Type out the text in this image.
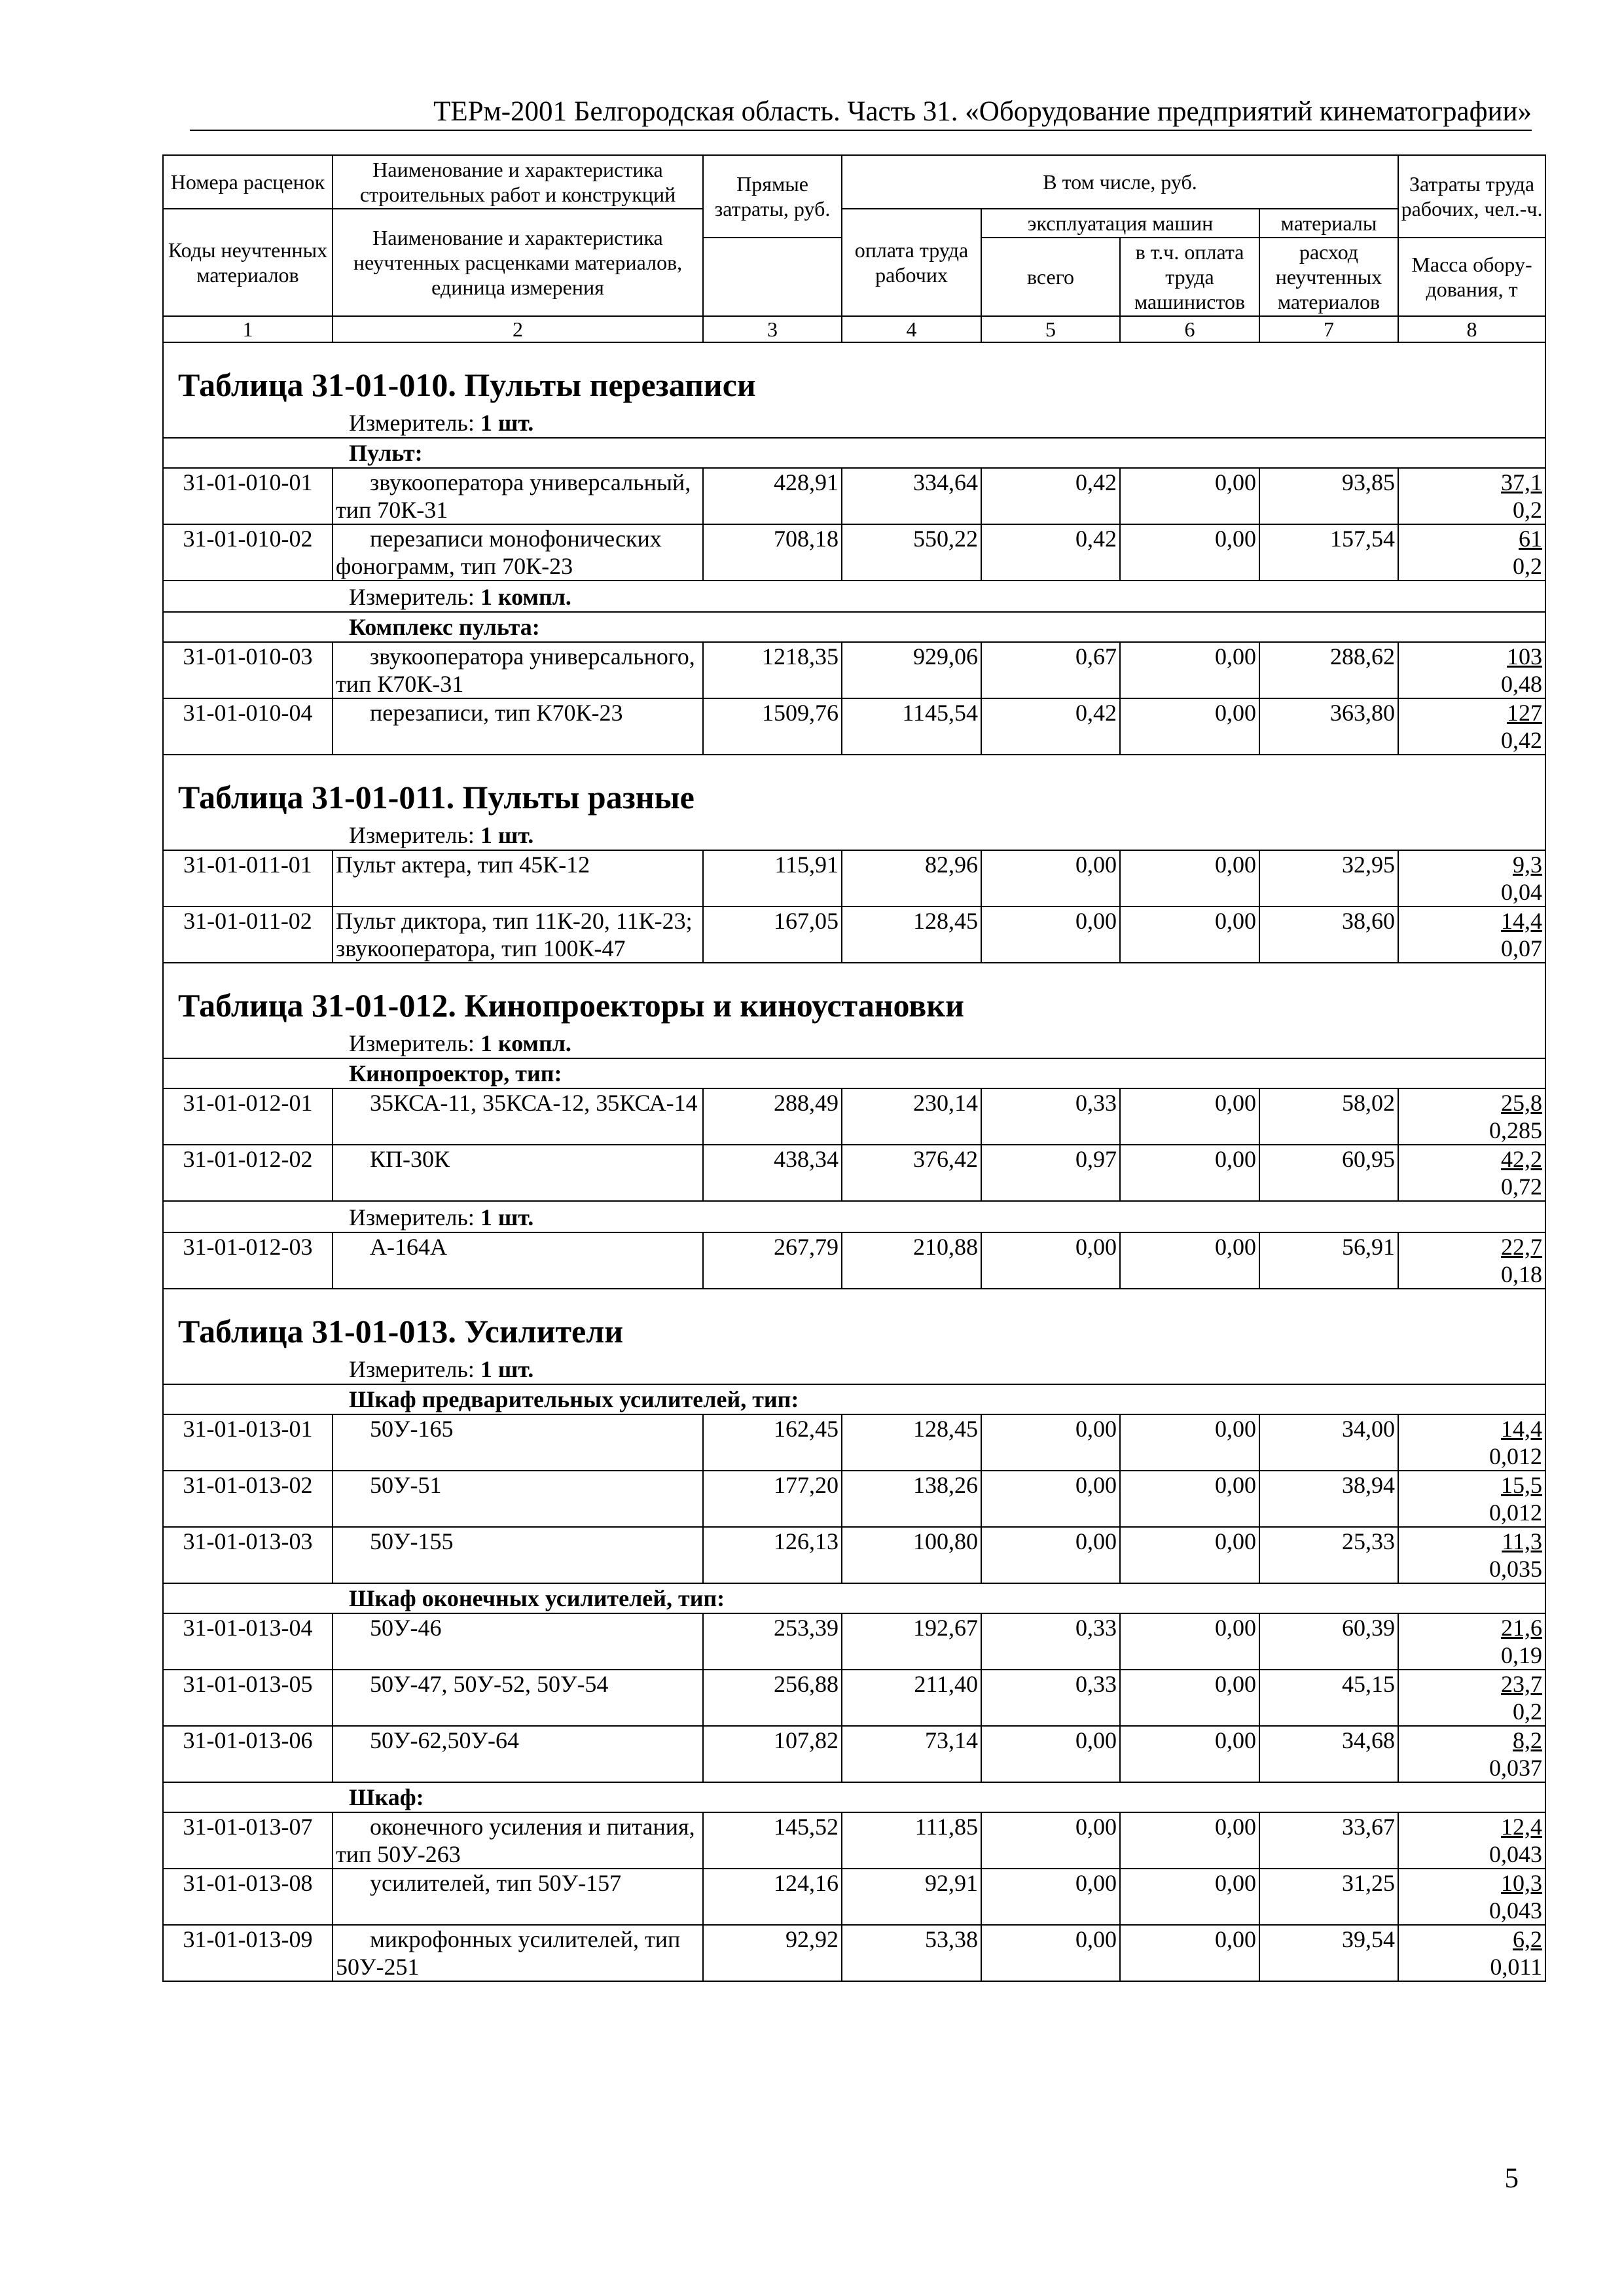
ТЕРм-2001 Белгородская область. Часть 31. «Оборудование предприятий кинематографии»
Номера расценок	Наименование и характеристика строительных работ и конструкций	Прямые затраты, руб.	В том числе, руб.				Затраты труда рабочих, чел.-ч.
Коды неучтенных материалов	Наименование и характеристика неучтенных расценками материалов, единица измерения		оплата труда рабочих	эксплуатация машин		материалы	
				всего	в т.ч. оплата труда машинистов	расход неучтенных материалов	
							Масса обору-дования, т
1	2	3	4	5	6	7	8

Таблица 31-01-010. Пульты перезаписи							
Измеритель: 1 шт.							
Пульт:							
31-01-010-01	звукооператора универсальный, тип 70К-31	428,91	334,64	0,42	0,00	93,85	37,1
0,2

31-01-010-02	перезаписи монофонических фонограмм, тип 70К-23	708,18	550,22	0,42	0,00	157,54	61
0,2

Измеритель: 1 компл.							
Комплекс пульта:							
31-01-010-03	звукооператора универсального, тип К70К-31	1218,35	929,06	0,67	0,00	288,62	103
0,48

31-01-010-04	перезаписи, тип К70К-23	1509,76	1145,54	0,42	0,00	363,80	127
0,42

Таблица 31-01-011. Пульты разные							
Измеритель: 1 шт.							
31-01-011-01	Пульт актера, тип 45К-12	115,91	82,96	0,00	0,00	32,95	9,3
0,04

31-01-011-02	Пульт диктора, тип 11К-20, 11К-23; звукооператора, тип 100К-47	167,05	128,45	0,00	0,00	38,60	14,4
0,07

Таблица 31-01-012. Кинопроекторы и киноустановки							
Измеритель: 1 компл.							
Кинопроектор, тип:							
31-01-012-01	35КСА-11, 35КСА-12, 35КСА-14	288,49	230,14	0,33	0,00	58,02	25,8
0,285

31-01-012-02	КП-30К	438,34	376,42	0,97	0,00	60,95	42,2
0,72

Измеритель: 1 шт.							
31-01-012-03	А-164А	267,79	210,88	0,00	0,00	56,91	22,7
0,18

Таблица 31-01-013. Усилители							
Измеритель: 1 шт.							
Шкаф предварительных усилителей, тип:							
31-01-013-01	50У-165	162,45	128,45	0,00	0,00	34,00	14,4
0,012

31-01-013-02	50У-51	177,20	138,26	0,00	0,00	38,94	15,5
0,012

31-01-013-03	50У-155	126,13	100,80	0,00	0,00	25,33	11,3
0,035

Шкаф оконечных усилителей, тип:							
31-01-013-04	50У-46	253,39	192,67	0,33	0,00	60,39	21,6
0,19

31-01-013-05	50У-47, 50У-52, 50У-54	256,88	211,40	0,33	0,00	45,15	23,7
0,2

31-01-013-06	50У-62,50У-64	107,82	73,14	0,00	0,00	34,68	8,2
0,037

Шкаф:							
31-01-013-07	оконечного усиления и питания, тип 50У-263	145,52	111,85	0,00	0,00	33,67	12,4
0,043

31-01-013-08	усилителей, тип 50У-157	124,16	92,91	0,00	0,00	31,25	10,3
0,043

31-01-013-09	микрофонных усилителей, тип 50У-251	92,92	53,38	0,00	0,00	39,54	6,2
0,011
5
